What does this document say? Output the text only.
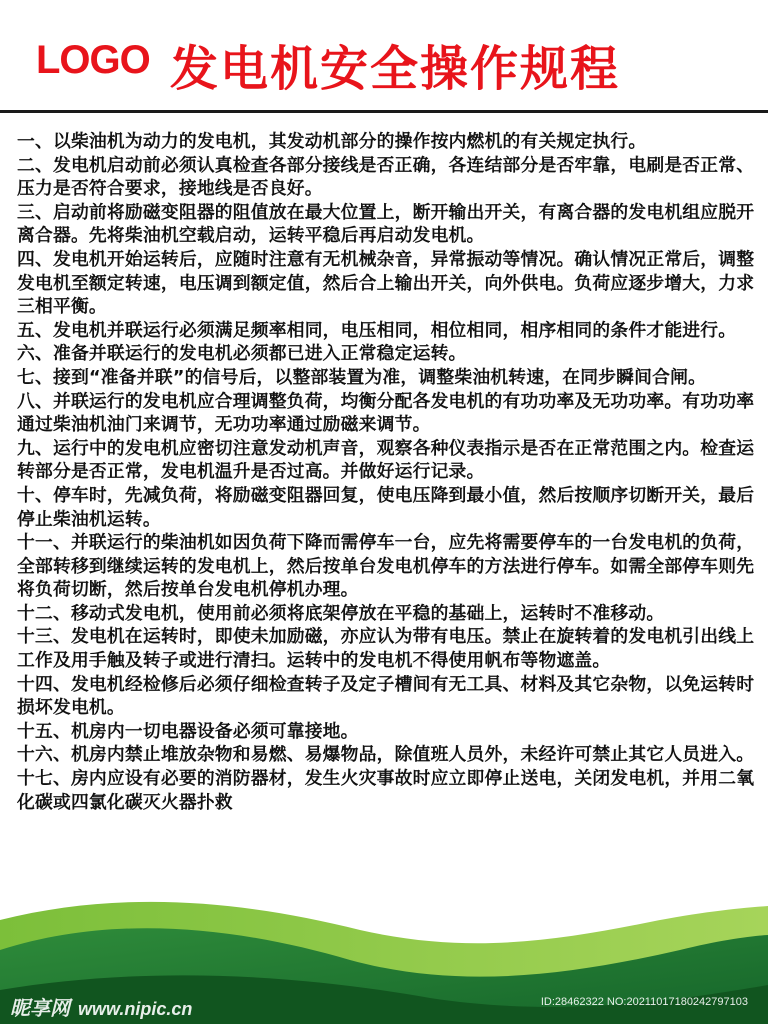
LOGO 发电机安全操作规程

一、以柴油机为动力的发电机，其发动机部分的操作按内燃机的有关规定执行。

二、发电机启动前必须认真检查各部分接线是否正确，各连结部分是否牢靠，电刷是否正常、压力是否符合要求，接地线是否良好。

三、启动前将励磁变阻器的阻值放在最大位置上，断开输出开关，有离合器的发电机组应脱开离合器。先将柴油机空载启动，运转平稳后再启动发电机。

四、发电机开始运转后，应随时注意有无机械杂音，异常振动等情况。确认情况正常后，调整发电机至额定转速，电压调到额定值，然后合上输出开关，向外供电。负荷应逐步增大，力求三相平衡。

五、发电机并联运行必须满足频率相同，电压相同，相位相同，相序相同的条件才能进行。

六、准备并联运行的发电机必须都已进入正常稳定运转。

七、接到“准备并联”的信号后，以整部装置为准，调整柴油机转速，在同步瞬间合闸。

八、并联运行的发电机应合理调整负荷，均衡分配各发电机的有功功率及无功功率。有功功率通过柴油机油门来调节，无功功率通过励磁来调节。

九、运行中的发电机应密切注意发动机声音，观察各种仪表指示是否在正常范围之内。检查运转部分是否正常，发电机温升是否过高。并做好运行记录。

十、停车时，先减负荷，将励磁变阻器回复，使电压降到最小值，然后按顺序切断开关，最后停止柴油机运转。

十一、并联运行的柴油机如因负荷下降而需停车一台，应先将需要停车的一台发电机的负荷，全部转移到继续运转的发电机上，然后按单台发电机停车的方法进行停车。如需全部停车则先将负荷切断，然后按单台发电机停机办理。

十二、移动式发电机，使用前必须将底架停放在平稳的基础上，运转时不准移动。

十三、发电机在运转时，即使未加励磁，亦应认为带有电压。禁止在旋转着的发电机引出线上工作及用手触及转子或进行清扫。运转中的发电机不得使用帆布等物遮盖。

十四、发电机经检修后必须仔细检查转子及定子槽间有无工具、材料及其它杂物，以免运转时损坏发电机。

十五、机房内一切电器设备必须可靠接地。

十六、机房内禁止堆放杂物和易燃、易爆物品，除值班人员外，未经许可禁止其它人员进入。

十七、房内应设有必要的消防器材，发生火灾事故时应立即停止送电，关闭发电机，并用二氧化碳或四氯化碳灭火器扑救

昵享网 www.nipic.cn	ID:28462322 NO:20211017180242797103
